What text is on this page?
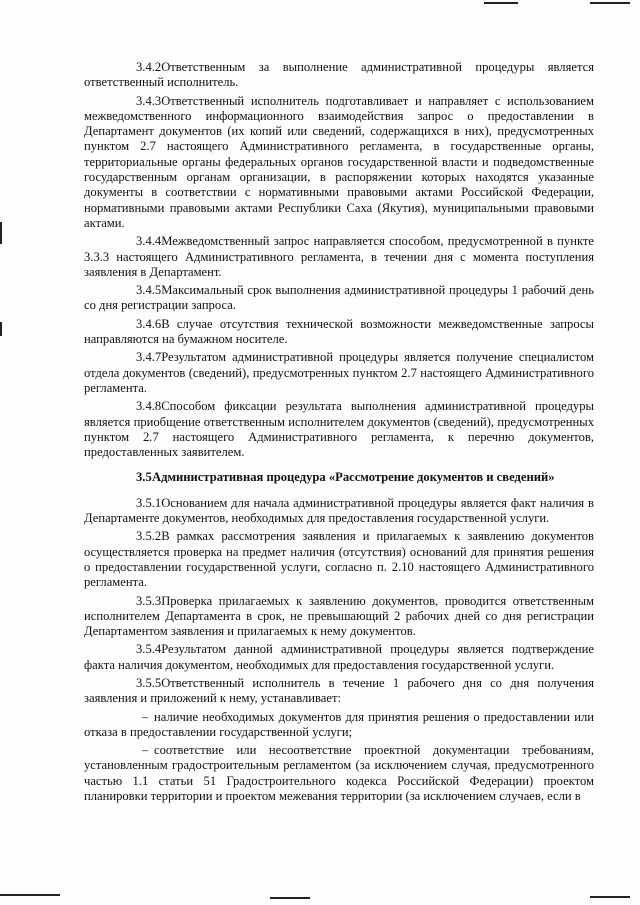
3.4.2Ответственным за выполнение административной процедуры является ответственный исполнитель.

3.4.3Ответственный исполнитель подготавливает и направляет с использованием межведомственного информационного взаимодействия запрос о предоставлении в Департамент документов (их копий или сведений, содержащихся в них), предусмотренных пунктом 2.7 настоящего Административного регламента, в государственные органы, территориальные органы федеральных органов государственной власти и подведомственные государственным органам организации, в распоряжении которых находятся указанные документы в соответствии с нормативными правовыми актами Российской Федерации, нормативными правовыми актами Республики Саха (Якутия), муниципальными правовыми актами.

3.4.4Межведомственный запрос направляется способом, предусмотренной в пункте 3.3.3 настоящего Административного регламента, в течении дня с момента поступления заявления в Департамент.

3.4.5Максимальный срок выполнения административной процедуры 1 рабочий день со дня регистрации запроса.

3.4.6В случае отсутствия технической возможности межведомственные запросы направляются на бумажном носителе.

3.4.7Результатом административной процедуры является получение специалистом отдела документов (сведений), предусмотренных пунктом 2.7 настоящего Административного регламента.

3.4.8Способом фиксации результата выполнения административной процедуры является приобщение ответственным исполнителем документов (сведений), предусмотренных пунктом 2.7 настоящего Административного регламента, к перечню документов, предоставленных заявителем.

3.5Административная процедура «Рассмотрение документов и сведений»

3.5.1Основанием для начала административной процедуры является факт наличия в Департаменте документов, необходимых для предоставления государственной услуги.

3.5.2В рамках рассмотрения заявления и прилагаемых к заявлению документов осуществляется проверка на предмет наличия (отсутствия) оснований для принятия решения о предоставлении государственной услуги, согласно п. 2.10 настоящего Административного регламента.

3.5.3Проверка прилагаемых к заявлению документов, проводится ответственным исполнителем Департамента в срок, не превышающий 2 рабочих дней со дня регистрации Департаментом заявления и прилагаемых к нему документов.

3.5.4Результатом данной административной процедуры является подтверждение факта наличия документом, необходимых для предоставления государственной услуги.

3.5.5Ответственный исполнитель в течение 1 рабочего дня со дня получения заявления и приложений к нему, устанавливает:

– наличие необходимых документов для принятия решения о предоставлении или отказа в предоставлении государственной услуги;

– соответствие или несоответствие проектной документации требованиям, установленным градостроительным регламентом (за исключением случая, предусмотренного частью 1.1 статьи 51 Градостроительного кодекса Российской Федерации) проектом планировки территории и проектом межевания территории (за исключением случаев, если в
